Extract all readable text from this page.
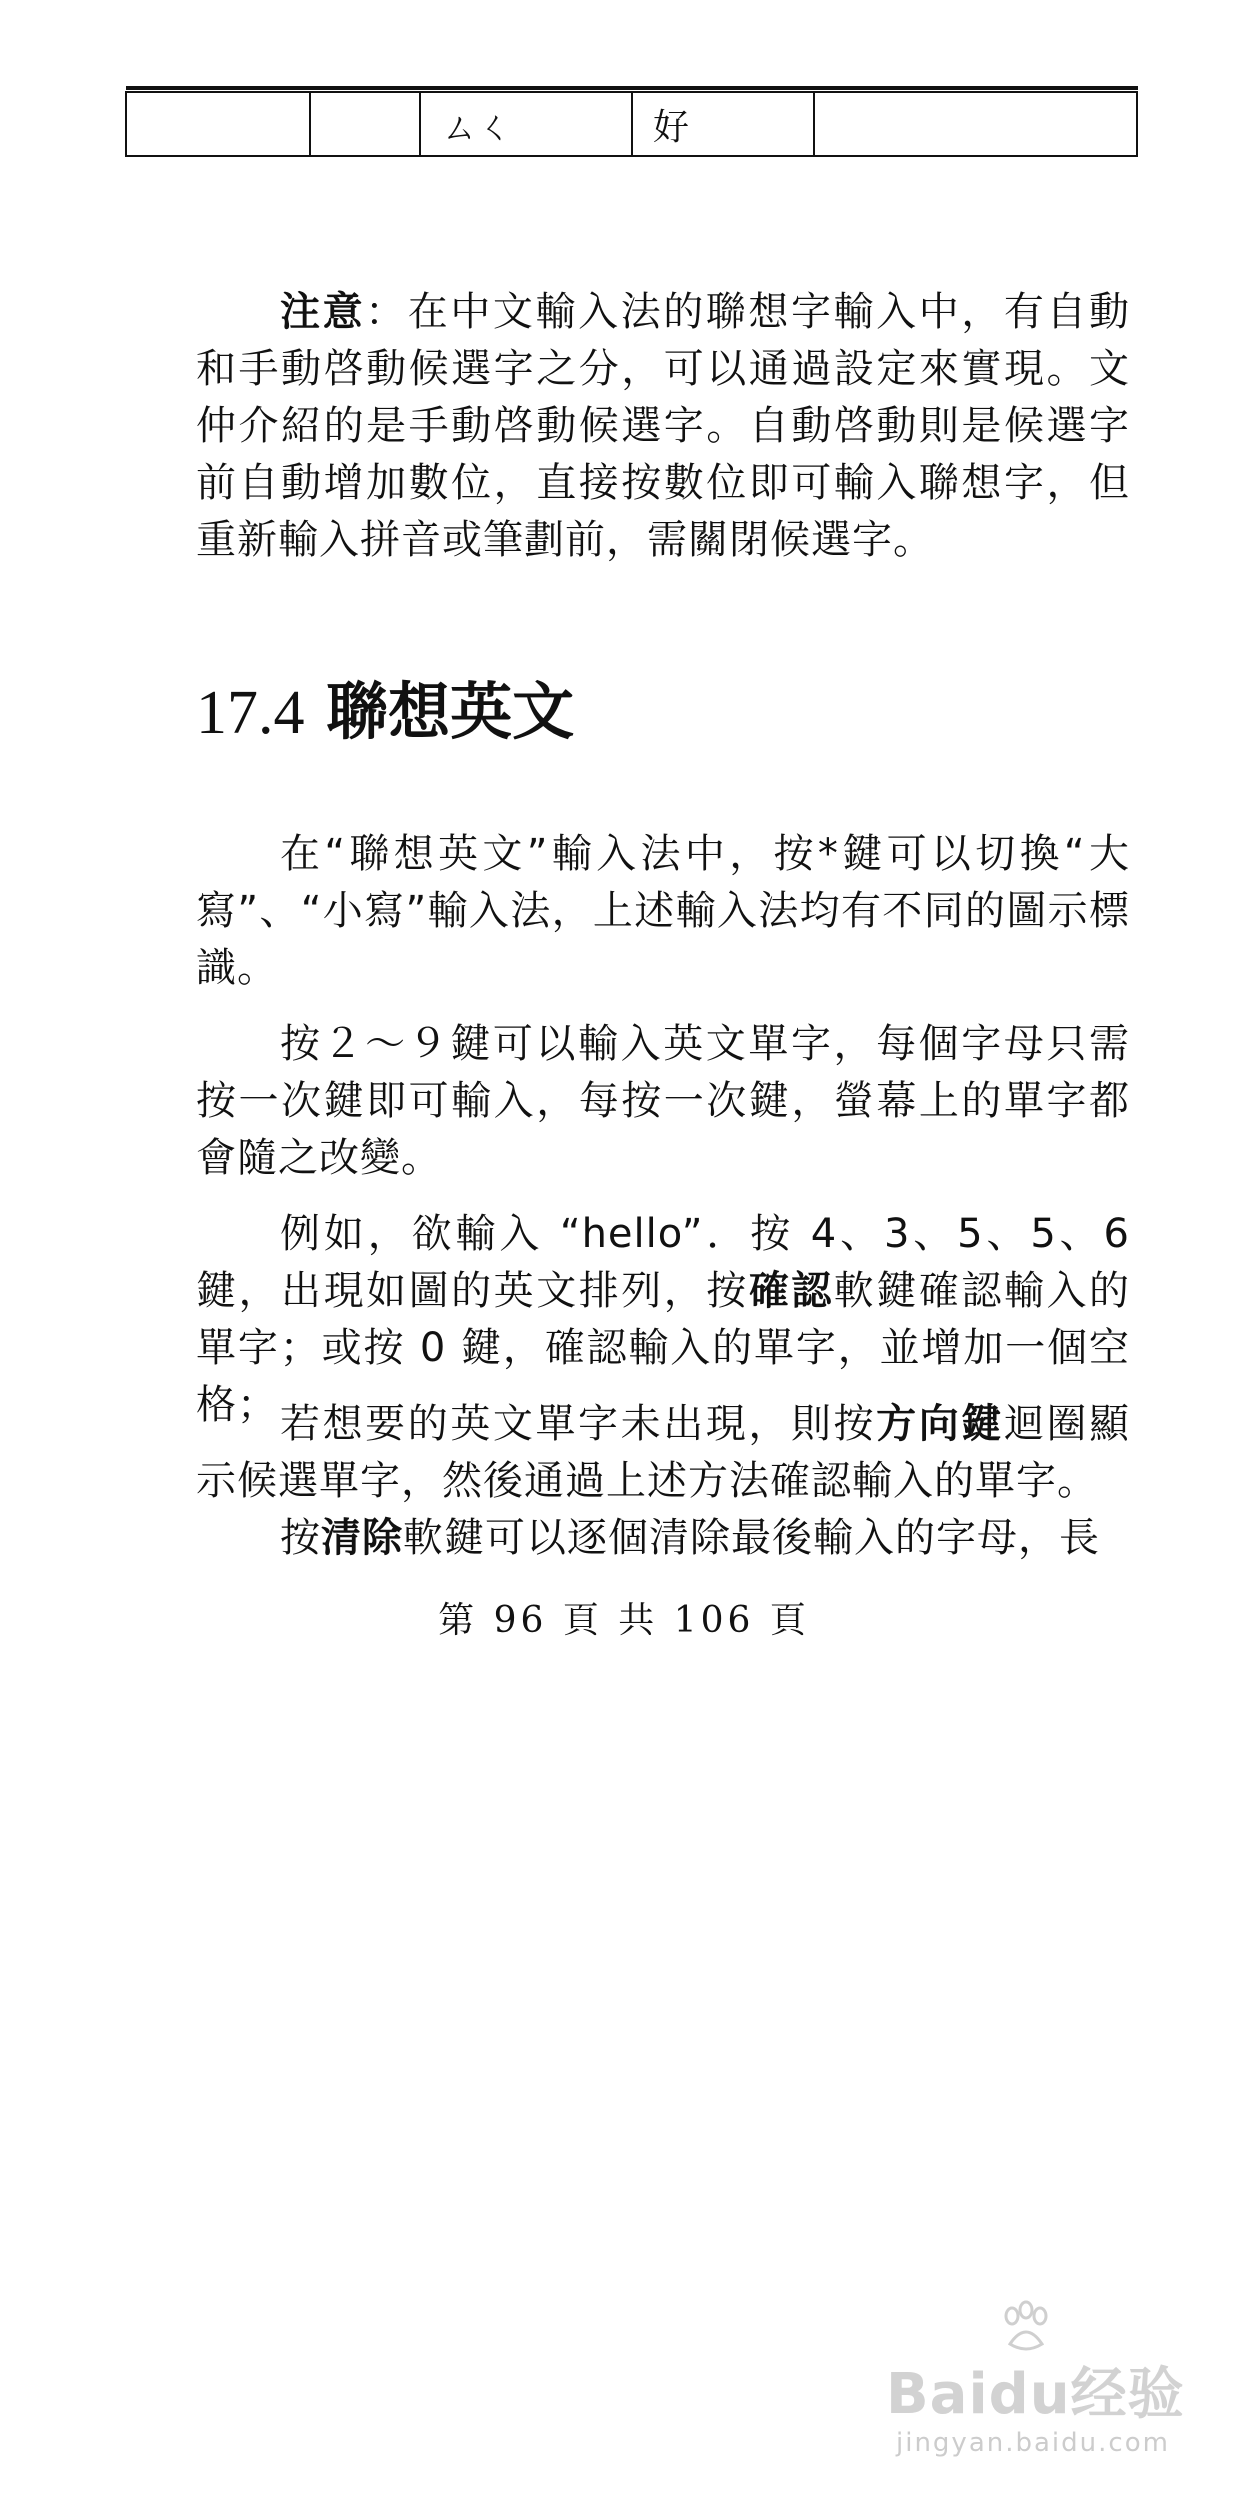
		ㄙㄑ	好	

注意：在中文輸入法的聯想字輸入中，有自動和手動啓動候選字之分，可以通過設定來實現。文仲介紹的是手動啓動候選字。自動啓動則是候選字前自動增加數位，直接按數位即可輸入聯想字，但重新輸入拼音或筆劃前，需關閉候選字。

17.4 聯想英文

在“聯想英文”輸入法中，按*鍵可以切換“大寫”、“小寫”輸入法，上述輸入法均有不同的圖示標識。

按２～９鍵可以輸入英文單字，每個字母只需按一次鍵即可輸入，每按一次鍵，螢幕上的單字都會隨之改變。

例如，欲輸入 “hello”．按 4、3、5、5、6 鍵，出現如圖的英文排列，按確認軟鍵確認輸入的單字；或按 0 鍵，確認輸入的單字，並增加一個空格； 若想要的英文單字未出現，則按方向鍵迴圈顯示候選單字，然後通過上述方法確認輸入的單字。

按清除軟鍵可以逐個清除最後輸入的字母，長

第 96 頁 共 106 頁
Baidu经验
jingyan.baidu.com
